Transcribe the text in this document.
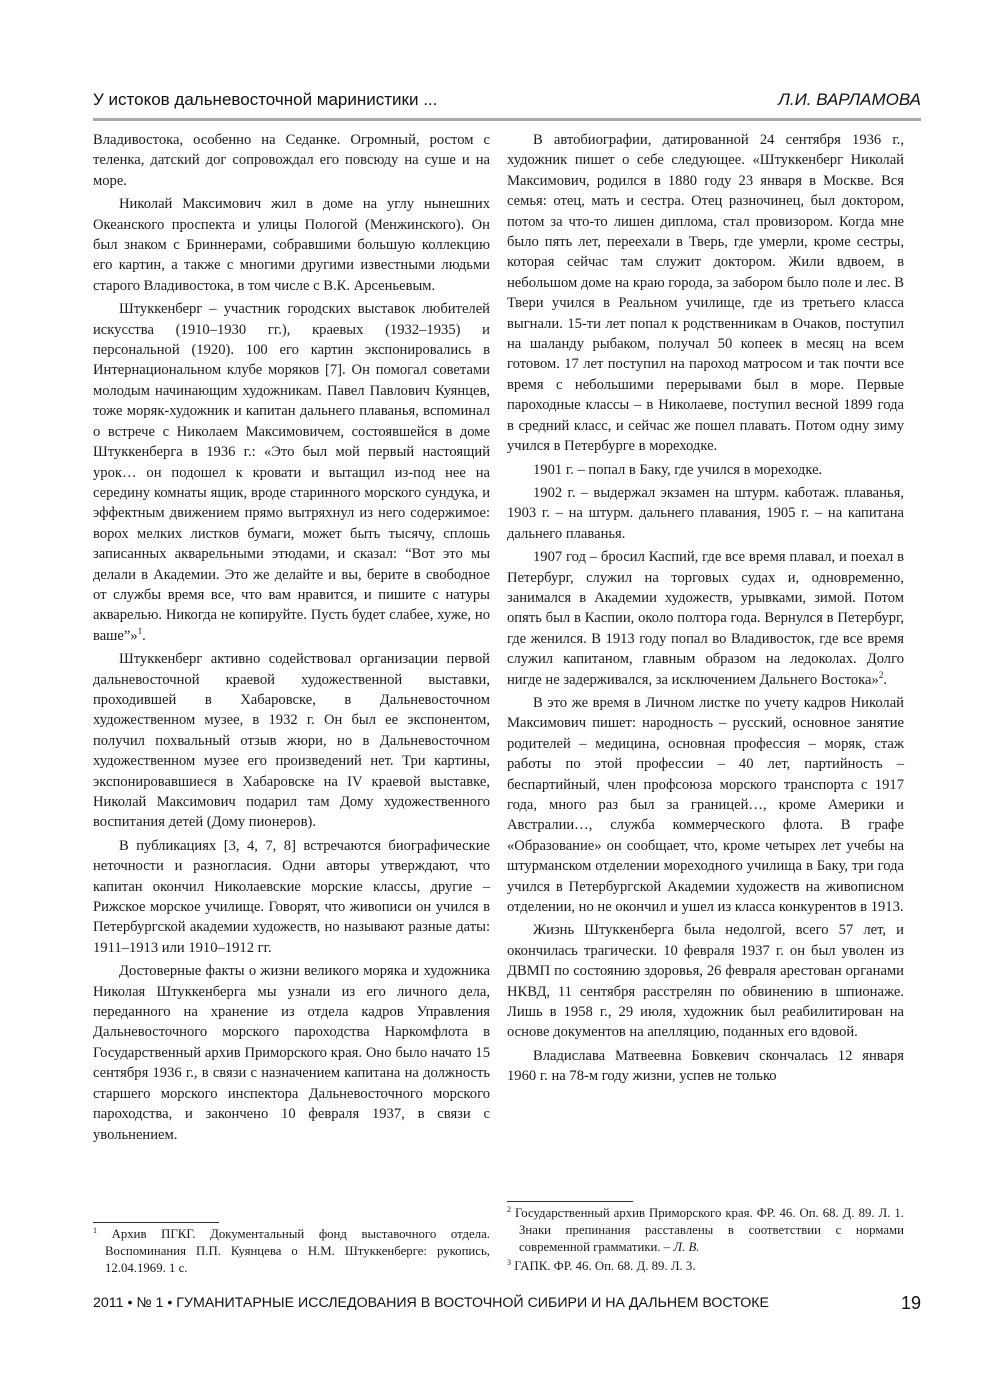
У истоков дальневосточной маринистики ...	Л.И. ВАРЛАМОВА

Владивостока, особенно на Седанке. Огромный, ростом с теленка, датский дог сопровождал его повсюду на суше и на море.

Николай Максимович жил в доме на углу нынешних Океанского проспекта и улицы Пологой (Менжинского). Он был знаком с Бриннерами, собравшими большую коллекцию его картин, а также с многими другими известными людьми старого Владивостока, в том числе с В.К. Арсеньевым.

Штуккенберг – участник городских выставок любителей искусства (1910–1930 гг.), краевых (1932–1935) и персональной (1920). 100 его картин экспонировались в Интернациональном клубе моряков [7]. Он помогал советами молодым начинающим художникам. Павел Павлович Куянцев, тоже моряк-художник и капитан дальнего плаванья, вспоминал о встрече с Николаем Максимовичем, состоявшейся в доме Штуккенберга в 1936 г.: «Это был мой первый настоящий урок… он подошел к кровати и вытащил из-под нее на середину комнаты ящик, вроде старинного морского сундука, и эффектным движением прямо вытряхнул из него содержимое: ворох мелких листков бумаги, может быть тысячу, сплошь записанных акварельными этюдами, и сказал: “Вот это мы делали в Академии. Это же делайте и вы, берите в свободное от службы время все, что вам нравится, и пишите с натуры акварелью. Никогда не копируйте. Пусть будет слабее, хуже, но ваше”»$^1$.

Штуккенберг активно содействовал организации первой дальневосточной краевой художественной выставки, проходившей в Хабаровске, в Дальневосточном художественном музее, в 1932 г. Он был ее экспонентом, получил похвальный отзыв жюри, но в Дальневосточном художественном музее его произведений нет. Три картины, экспонировавшиеся в Хабаровске на IV краевой выставке, Николай Максимович подарил там Дому художественного воспитания детей (Дому пионеров).

В публикациях [3, 4, 7, 8] встречаются биографические неточности и разногласия. Одни авторы утверждают, что капитан окончил Николаевские морские классы, другие – Рижское морское училище. Говорят, что живописи он учился в Петербургской академии художеств, но называют разные даты: 1911–1913 или 1910–1912 гг.

Достоверные факты о жизни великого моряка и художника Николая Штуккенберга мы узнали из его личного дела, переданного на хранение из отдела кадров Управления Дальневосточного морского пароходства Наркомфлота в Государственный архив Приморского края. Оно было начато 15 сентября 1936 г., в связи с назначением капитана на должность старшего морского инспектора Дальневосточного морского пароходства, и закончено 10 февраля 1937, в связи с увольнением.

$^1$ Архив ПГКГ. Документальный фонд выставочного отдела. Воспоминания П.П. Куянцева о Н.М. Штуккенберге: рукопись, 12.04.1969. 1 с.

В автобиографии, датированной 24 сентября 1936 г., художник пишет о себе следующее. «Штуккенберг Николай Максимович, родился в 1880 году 23 января в Москве. Вся семья: отец, мать и сестра. Отец разночинец, был доктором, потом за что-то лишен диплома, стал провизором. Когда мне было пять лет, переехали в Тверь, где умерли, кроме сестры, которая сейчас там служит доктором. Жили вдвоем, в небольшом доме на краю города, за забором было поле и лес. В Твери учился в Реальном училище, где из третьего класса выгнали. 15-ти лет попал к родственникам в Очаков, поступил на шаланду рыбаком, получал 50 копеек в месяц на всем готовом. 17 лет поступил на пароход матросом и так почти все время с небольшими перерывами был в море. Первые пароходные классы – в Николаеве, поступил весной 1899 года в средний класс, и сейчас же пошел плавать. Потом одну зиму учился в Петербурге в мореходке.

1901 г. – попал в Баку, где учился в мореходке.

1902 г. – выдержал экзамен на штурм. каботаж. плаванья, 1903 г. – на штурм. дальнего плавания, 1905 г. – на капитана дальнего плаванья.

1907 год – бросил Каспий, где все время плавал, и поехал в Петербург, служил на торговых судах и, одновременно, занимался в Академии художеств, урывками, зимой. Потом опять был в Каспии, около полтора года. Вернулся в Петербург, где женился. В 1913 году попал во Владивосток, где все время служил капитаном, главным образом на ледоколах. Долго нигде не задерживался, за исключением Дальнего Востока»$^2$.

В это же время в Личном листке по учету кадров Николай Максимович пишет: народность – русский, основное занятие родителей – медицина, основная профессия – моряк, стаж работы по этой профессии – 40 лет, партийность – беспартийный, член профсоюза морского транспорта с 1917 года, много раз был за границей…, кроме Америки и Австралии…, служба коммерческого флота. В графе «Образование» он сообщает, что, кроме четырех лет учебы на штурманском отделении мореходного училища в Баку, три года учился в Петербургской Академии художеств на живописном отделении, но не окончил и ушел из класса конкурентов в 1913.

Жизнь Штуккенберга была недолгой, всего 57 лет, и окончилась трагически. 10 февраля 1937 г. он был уволен из ДВМП по состоянию здоровья, 26 февраля арестован органами НКВД, 11 сентября расстрелян по обвинению в шпионаже. Лишь в 1958 г., 29 июля, художник был реабилитирован на основе документов на апелляцию, поданных его вдовой.

Владислава Матвеевна Бовкевич скончалась 12 января 1960 г. на 78-м году жизни, успев не только

$^2$ Государственный архив Приморского края. ФР. 46. Оп. 68. Д. 89. Л. 1. Знаки препинания расставлены в соответствии с нормами современной грамматики. – Л. В.

$^3$ ГАПК. ФР. 46. Оп. 68. Д. 89. Л. 3.

2011 • № 1 • ГУМАНИТАРНЫЕ ИССЛЕДОВАНИЯ В ВОСТОЧНОЙ СИБИРИ И НА ДАЛЬНЕМ ВОСТОКЕ	19
